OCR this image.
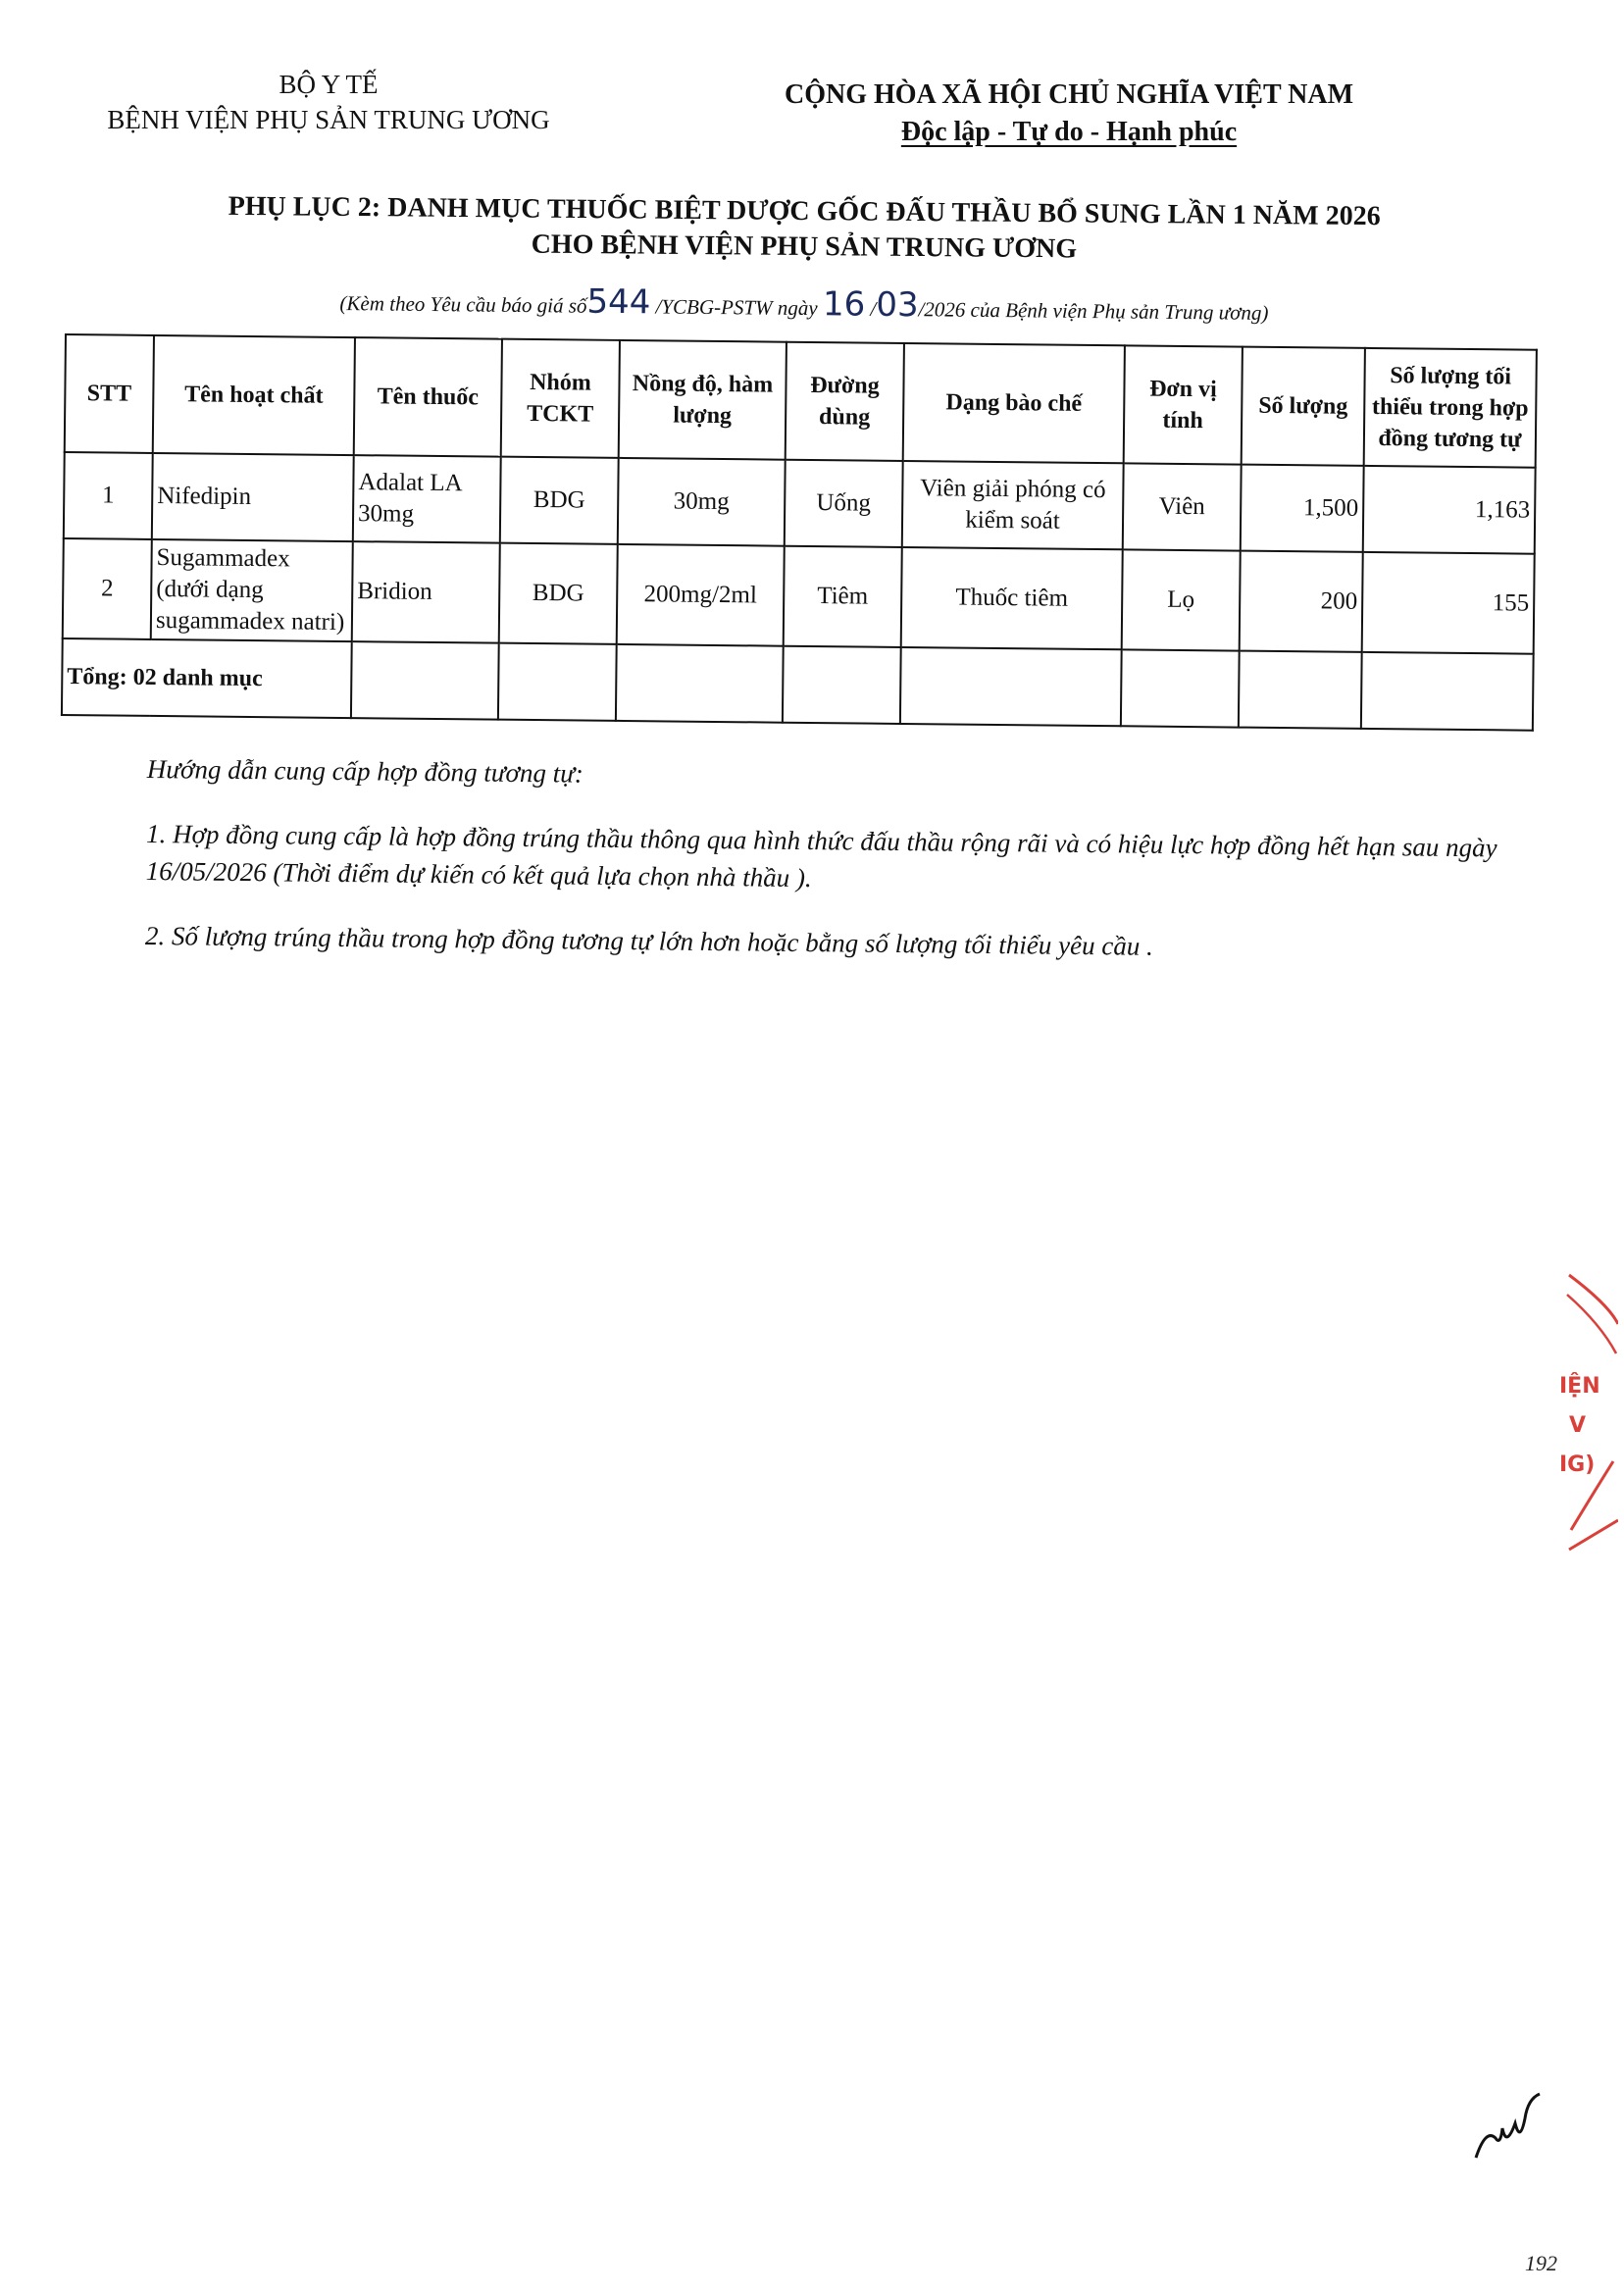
BỘ Y TẾ
BỆNH VIỆN PHỤ SẢN TRUNG ƯƠNG
CỘNG HÒA XÃ HỘI CHỦ NGHĨA VIỆT NAM
Độc lập - Tự do - Hạnh phúc
PHỤ LỤC 2: DANH MỤC THUỐC BIỆT DƯỢC GỐC ĐẤU THẦU BỔ SUNG LẦN 1 NĂM 2026
CHO BỆNH VIỆN PHỤ SẢN TRUNG ƯƠNG
(Kèm theo Yêu cầu báo giá số544 /YCBG-PSTW ngày 16 /03/2026 của Bệnh viện Phụ sản Trung ương)
STT	Tên hoạt chất	Tên thuốc	Nhóm TCKT	Nồng độ, hàm lượng	Đường dùng	Dạng bào chế	Đơn vị tính	Số lượng	Số lượng tối thiểu trong hợp đồng tương tự
1	Nifedipin	Adalat LA 30mg	BDG	30mg	Uống	Viên giải phóng có kiểm soát	Viên	1,500	1,163
2	Sugammadex (dưới dạng sugammadex natri)	Bridion	BDG	200mg/2ml	Tiêm	Thuốc tiêm	Lọ	200	155
Tổng: 02 danh mục									

Hướng dẫn cung cấp hợp đồng tương tự:

1. Hợp đồng cung cấp là hợp đồng trúng thầu thông qua hình thức đấu thầu rộng rãi và có hiệu lực hợp đồng hết hạn sau ngày 16/05/2026 (Thời điểm dự kiến có kết quả lựa chọn nhà thầu ).

2. Số lượng trúng thầu trong hợp đồng tương tự lớn hơn hoặc bằng số lượng tối thiểu yêu cầu .

IỆN
V
IG)
192
